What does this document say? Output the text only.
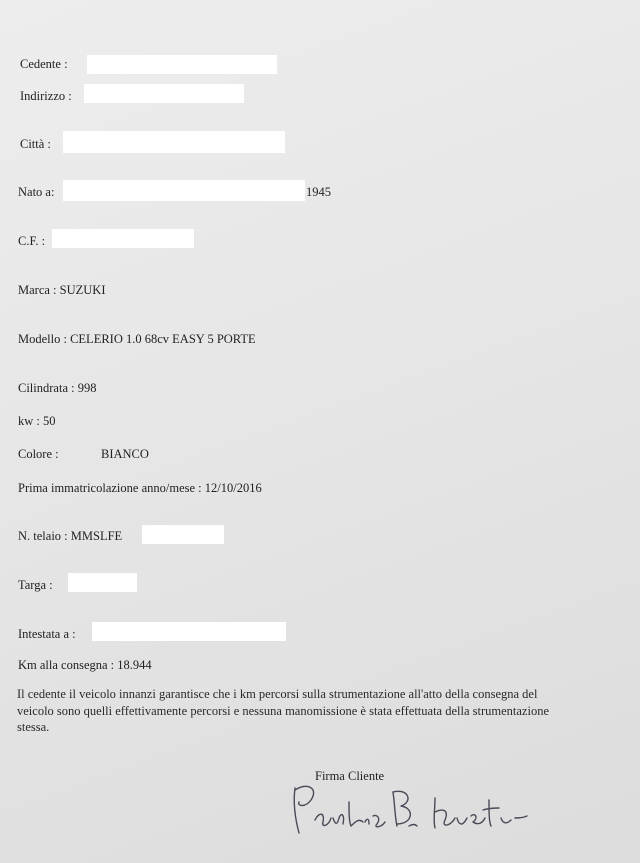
Cedente :
Indirizzo :
Città :
Nato a:	1945
C.F. :
Marca : SUZUKI
Modello : CELERIO 1.0 68cv EASY 5 PORTE
Cilindrata : 998
kw : 50
Colore :	BIANCO
Prima immatricolazione anno/mese : 12/10/2016
N. telaio : MMSLFE
Targa :
Intestata a :
Km alla consegna : 18.944
Il cedente il veicolo innanzi garantisce che i km percorsi sulla strumentazione all'atto della consegna del veicolo sono quelli effettivamente percorsi e nessuna manomissione è stata effettuata della strumentazione stessa.
Firma Cliente
